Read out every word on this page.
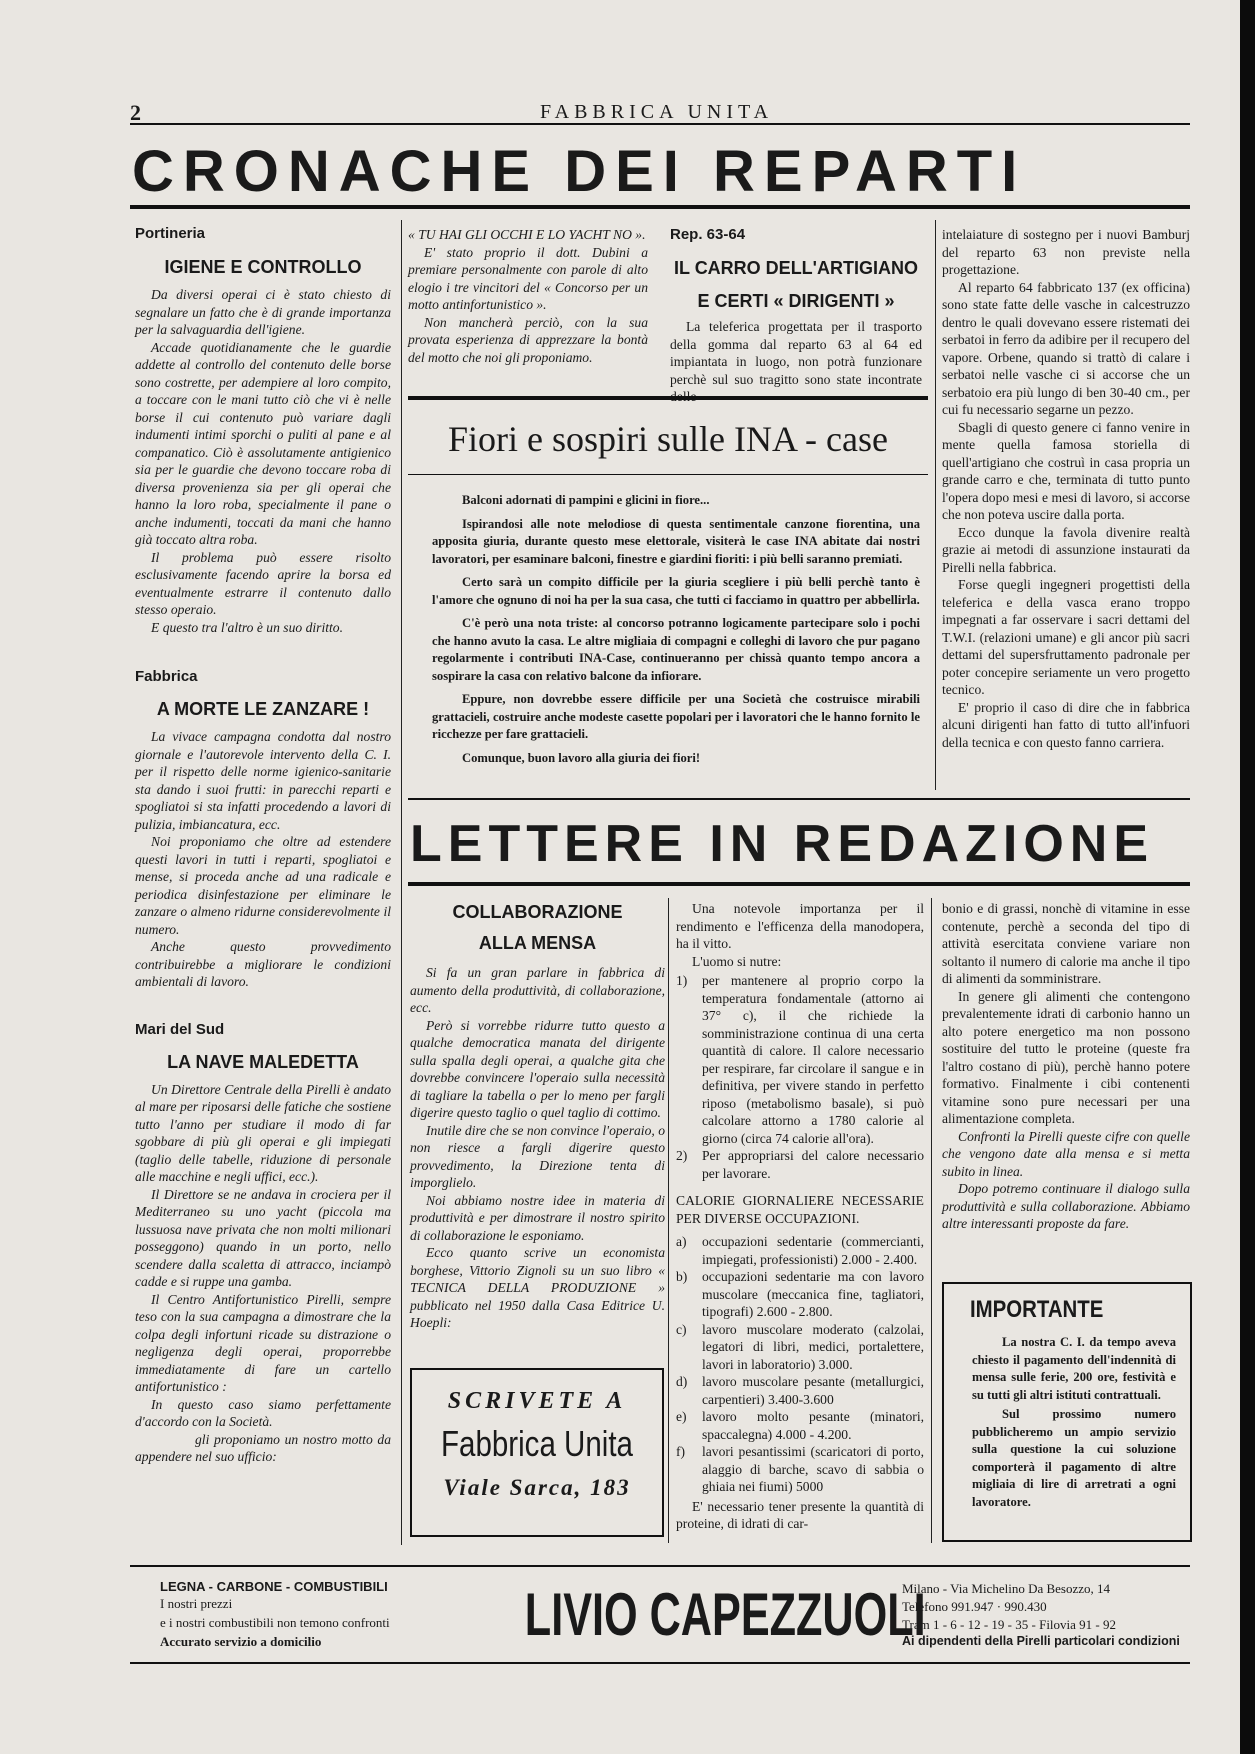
2	FABBRICA UNITA
CRONACHE DEI REPARTI
Portineria
IGIENE E CONTROLLO

Da diversi operai ci è stato chiesto di segnalare un fatto che è di grande importanza per la salvaguardia dell'igiene.

Accade quotidianamente che le guardie addette al controllo del contenuto delle borse sono costrette, per adempiere al loro compito, a toccare con le mani tutto ciò che vi è nelle borse il cui contenuto può variare dagli indumenti intimi sporchi o puliti al pane e al companatico. Ciò è assolutamente antigienico sia per le guardie che devono toccare roba di diversa provenienza sia per gli operai che hanno la loro roba, specialmente il pane o anche indumenti, toccati da mani che hanno già toccato altra roba.

Il problema può essere risolto esclusivamente facendo aprire la borsa ed eventualmente estrarre il contenuto dallo stesso operaio.

E questo tra l'altro è un suo diritto.

Fabbrica
A MORTE LE ZANZARE !

La vivace campagna condotta dal nostro giornale e l'autorevole intervento della C. I. per il rispetto delle norme igienico-sanitarie sta dando i suoi frutti: in parecchi reparti e spogliatoi si sta infatti procedendo a lavori di pulizia, imbiancatura, ecc.

Noi proponiamo che oltre ad estendere questi lavori in tutti i reparti, spogliatoi e mense, si proceda anche ad una radicale e periodica disinfestazione per eliminare le zanzare o almeno ridurne considerevolmente il numero.

Anche questo provvedimento contribuirebbe a migliorare le condizioni ambientali di lavoro.

Mari del Sud
LA NAVE MALEDETTA

Un Direttore Centrale della Pirelli è andato al mare per riposarsi delle fatiche che sostiene tutto l'anno per studiare il modo di far sgobbare di più gli operai e gli impiegati (taglio delle tabelle, riduzione di personale alle macchine e negli uffici, ecc.).

Il Direttore se ne andava in crociera per il Mediterraneo su uno yacht (piccola ma lussuosa nave privata che non molti milionari posseggono) quando in un porto, nello scendere dalla scaletta di attracco, inciampò cadde e si ruppe una gamba.

Il Centro Antifortunistico Pirelli, sempre teso con la sua campagna a dimostrare che la colpa degli infortuni ricade su distrazione o negligenza degli operai, proporrebbe immediatamente di fare un cartello antifortunistico :

In questo caso siamo perfettamente d'accordo con la Società.

gli proponiamo un nostro motto da appendere nel suo ufficio:

« TU HAI GLI OCCHI E LO YACHT NO ».

E' stato proprio il dott. Dubini a premiare personalmente con parole di alto elogio i tre vincitori del « Concorso per un motto antinfortunistico ».

Non mancherà perciò, con la sua provata esperienza di apprezzare la bontà del motto che noi gli proponiamo.

Rep. 63-64
IL CARRO DELL'ARTIGIANO
E CERTI « DIRIGENTI »

La teleferica progettata per il trasporto della gomma dal reparto 63 al 64 ed impiantata in luogo, non potrà funzionare perchè sul suo tragitto sono state incontrate delle

intelaiature di sostegno per i nuovi Bamburj del reparto 63 non previste nella progettazione.

Al reparto 64 fabbricato 137 (ex officina) sono state fatte delle vasche in calcestruzzo dentro le quali dovevano essere ristemati dei serbatoi in ferro da adibire per il recupero del vapore. Orbene, quando si trattò di calare i serbatoi nelle vasche ci si accorse che un serbatoio era più lungo di ben 30-40 cm., per cui fu necessario segarne un pezzo.

Sbagli di questo genere ci fanno venire in mente quella famosa storiella di quell'artigiano che costruì in casa propria un grande carro e che, terminata di tutto punto l'opera dopo mesi e mesi di lavoro, si accorse che non poteva uscire dalla porta.

Ecco dunque la favola divenire realtà grazie ai metodi di assunzione instaurati da Pirelli nella fabbrica.

Forse quegli ingegneri progettisti della teleferica e della vasca erano troppo impegnati a far osservare i sacri dettami del T.W.I. (relazioni umane) e gli ancor più sacri dettami del supersfruttamento padronale per poter concepire seriamente un vero progetto tecnico.

E' proprio il caso di dire che in fabbrica alcuni dirigenti han fatto di tutto all'infuori della tecnica e con questo fanno carriera.

Fiori e sospiri sulle INA - case

Balconi adornati di pampini e glicini in fiore...

Ispirandosi alle note melodiose di questa sentimentale canzone fiorentina, una apposita giuria, durante questo mese elettorale, visiterà le case INA abitate dai nostri lavoratori, per esaminare balconi, finestre e giardini fioriti: i più belli saranno premiati.

Certo sarà un compito difficile per la giuria scegliere i più belli perchè tanto è l'amore che ognuno di noi ha per la sua casa, che tutti ci facciamo in quattro per abbellirla.

C'è però una nota triste: al concorso potranno logicamente partecipare solo i pochi che hanno avuto la casa. Le altre migliaia di compagni e colleghi di lavoro che pur pagano regolarmente i contributi INA-Case, continueranno per chissà quanto tempo ancora a sospirare la casa con relativo balcone da infiorare.

Eppure, non dovrebbe essere difficile per una Società che costruisce mirabili grattacieli, costruire anche modeste casette popolari per i lavoratori che le hanno fornito le ricchezze per fare grattacieli.

Comunque, buon lavoro alla giuria dei fiori!

LETTERE IN REDAZIONE
COLLABORAZIONE
ALLA MENSA

Si fa un gran parlare in fabbrica di aumento della produttività, di collaborazione, ecc.

Però si vorrebbe ridurre tutto questo a qualche democratica manata del dirigente sulla spalla degli operai, a qualche gita che dovrebbe convincere l'operaio sulla necessità di tagliare la tabella o per lo meno per fargli digerire questo taglio o quel taglio di cottimo.

Inutile dire che se non convince l'operaio, o non riesce a fargli digerire questo provvedimento, la Direzione tenta di imporglielo.

Noi abbiamo nostre idee in materia di produttività e per dimostrare il nostro spirito di collaborazione le esponiamo.

Ecco quanto scrive un economista borghese, Vittorio Zignoli su un suo libro « TECNICA DELLA PRODUZIONE » pubblicato nel 1950 dalla Casa Editrice U. Hoepli:

SCRIVETE A
Fabbrica Unita
Viale Sarca, 183

Una notevole importanza per il rendimento e l'efficenza della manodopera, ha il vitto.

L'uomo si nutre:

1) per mantenere al proprio corpo la temperatura fondamentale (attorno ai 37° c), il che richiede la somministrazione continua di una certa quantità di calore. Il calore necessario per respirare, far circolare il sangue e in definitiva, per vivere stando in perfetto riposo (metabolismo basale), si può calcolare attorno a 1780 calorie al giorno (circa 74 calorie all'ora).
2) Per appropriarsi del calore necessario per lavorare.
CALORIE GIORNALIERE NECESSARIE PER DIVERSE OCCUPAZIONI.
a) occupazioni sedentarie (commercianti, impiegati, professionisti) 2.000 - 2.400.
b) occupazioni sedentarie ma con lavoro muscolare (meccanica fine, tagliatori, tipografi) 2.600 - 2.800.
c) lavoro muscolare moderato (calzolai, legatori di libri, medici, portalettere, lavori in laboratorio) 3.000.
d) lavoro muscolare pesante (metallurgici, carpentieri) 3.400-3.600
e) lavoro molto pesante (minatori, spaccalegna) 4.000 - 4.200.
f) lavori pesantissimi (scaricatori di porto, alaggio di barche, scavo di sabbia o ghiaia nei fiumi) 5000

E' necessario tener presente la quantità di proteine, di idrati di car-

bonio e di grassi, nonchè di vitamine in esse contenute, perchè a seconda del tipo di attività esercitata conviene variare non soltanto il numero di calorie ma anche il tipo di alimenti da somministrare.

In genere gli alimenti che contengono prevalentemente idrati di carbonio hanno un alto potere energetico ma non possono sostituire del tutto le proteine (queste fra l'altro costano di più), perchè hanno potere formativo. Finalmente i cibi contenenti vitamine sono pure necessari per una alimentazione completa.

Confronti la Pirelli queste cifre con quelle che vengono date alla mensa e si metta subito in linea.

Dopo potremo continuare il dialogo sulla produttività e sulla collaborazione. Abbiamo altre interessanti proposte da fare.

IMPORTANTE

La nostra C. I. da tempo aveva chiesto il pagamento dell'indennità di mensa sulle ferie, 200 ore, festività e su tutti gli altri istituti contrattuali.

Sul prossimo numero pubblicheremo un ampio servizio sulla questione la cui soluzione comporterà il pagamento di altre migliaia di lire di arretrati a ogni lavoratore.

LEGNA - CARBONE - COMBUSTIBILI
I nostri prezzi
e i nostri combustibili non temono confronti
Accurato servizio a domicilio	LIVIO CAPEZZUOLI
Milano - Via Michelino Da Besozzo, 14
Telefono 991.947 · 990.430
Tram 1 - 6 - 12 - 19 - 35 - Filovia 91 - 92
Ai dipendenti della Pirelli particolari condizioni
